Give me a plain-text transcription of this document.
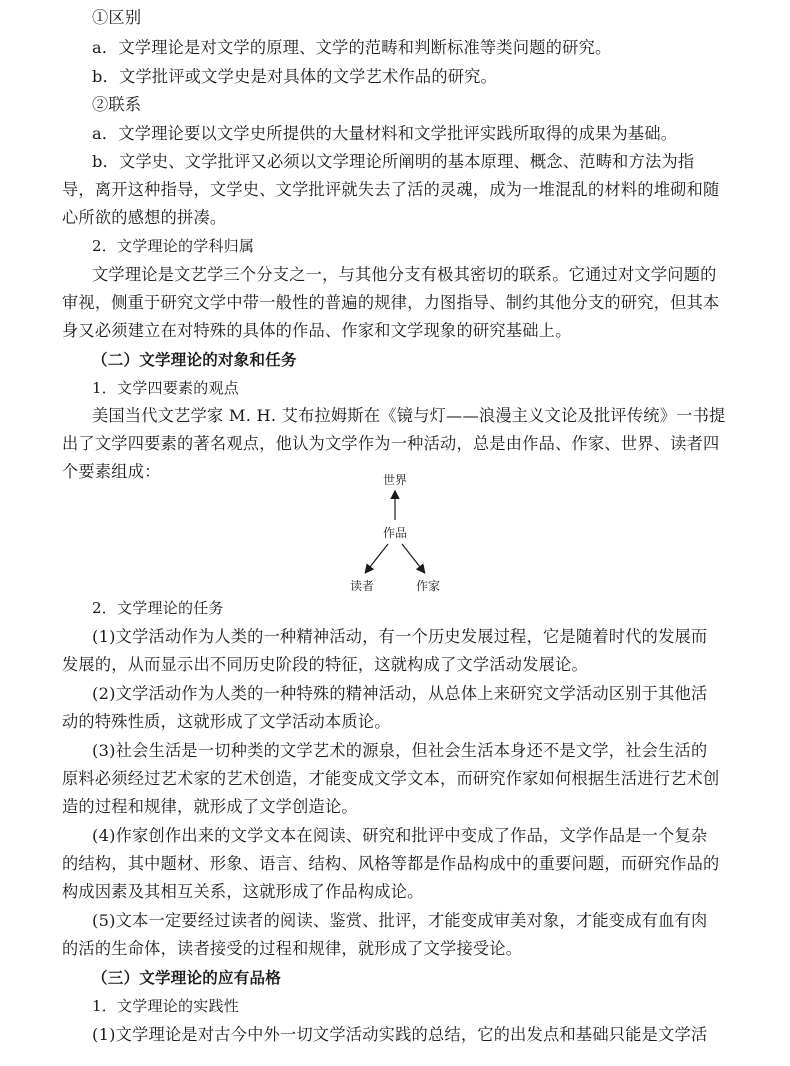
①区别
a．文学理论是对文学的原理、文学的范畴和判断标准等类问题的研究。
b．文学批评或文学史是对具体的文学艺术作品的研究。
②联系
a．文学理论要以文学史所提供的大量材料和文学批评实践所取得的成果为基础。
b．文学史、文学批评又必须以文学理论所阐明的基本原理、概念、范畴和方法为指
导，离开这种指导，文学史、文学批评就失去了活的灵魂，成为一堆混乱的材料的堆砌和随
心所欲的感想的拼凑。
2．文学理论的学科归属
文学理论是文艺学三个分支之一，与其他分支有极其密切的联系。它通过对文学问题的
审视，侧重于研究文学中带一般性的普遍的规律，力图指导、制约其他分支的研究，但其本
身又必须建立在对特殊的具体的作品、作家和文学现象的研究基础上。
（二）文学理论的对象和任务
1．文学四要素的观点
美国当代文艺学家 M. H. 艾布拉姆斯在《镜与灯——浪漫主义文论及批评传统》一书提
出了文学四要素的著名观点，他认为文学作为一种活动，总是由作品、作家、世界、读者四
个要素组成：
2．文学理论的任务
(1)文学活动作为人类的一种精神活动，有一个历史发展过程，它是随着时代的发展而
发展的，从而显示出不同历史阶段的特征，这就构成了文学活动发展论。
(2)文学活动作为人类的一种特殊的精神活动，从总体上来研究文学活动区别于其他活
动的特殊性质，这就形成了文学活动本质论。
(3)社会生活是一切种类的文学艺术的源泉，但社会生活本身还不是文学，社会生活的
原料必须经过艺术家的艺术创造，才能变成文学文本，而研究作家如何根据生活进行艺术创
造的过程和规律，就形成了文学创造论。
(4)作家创作出来的文学文本在阅读、研究和批评中变成了作品，文学作品是一个复杂
的结构，其中题材、形象、语言、结构、风格等都是作品构成中的重要问题，而研究作品的
构成因素及其相互关系，这就形成了作品构成论。
(5)文本一定要经过读者的阅读、鉴赏、批评，才能变成审美对象，才能变成有血有肉
的活的生命体，读者接受的过程和规律，就形成了文学接受论。
（三）文学理论的应有品格
1．文学理论的实践性
(1)文学理论是对古今中外一切文学活动实践的总结，它的出发点和基础只能是文学活
世界
作品
读者	作家
